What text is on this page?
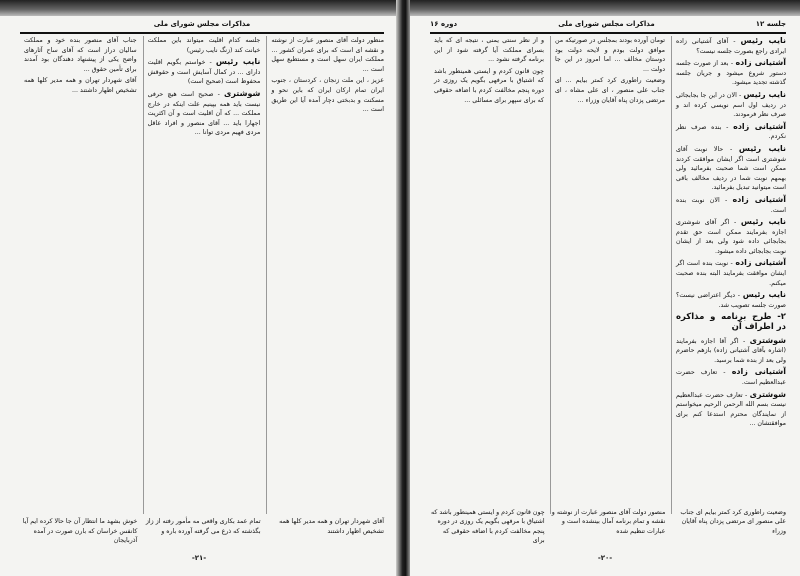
مذاکرات مجلس شورای ملی

منظور دولت آقای منصور عبارت از نوشته و نقشه ای است که برای عمران کشور ... مملکت ایران سهل است و مستطیع سهل است ...

عزیز ، این ملت زنجان ، کردستان ، جنوب ایران تمام ارکان ایران که باین نحو و مسکنت و بدبختی دچار آمده آیا این طریق است ...

جلسه کدام اقلیت میتواند باین مملکت خیانت کند (زنگ نایب رئیس)

نایب رئیس - خواستم بگویم اقلیت دارای ... در کمال آسایش است و حقوقش محفوظ است (صحیح است)

شوشتری - صحیح است هیچ حرفی نیست باید همه بپینیم علت اینکه در خارج مملکت ... که آن اقلیت است و آن اکثریت اجهارا باید ... آقای منصور و افراد عاقل مردی فهیم مردی توانا ...

جناب آقای منصور بنده خود و مملکت سالیان دراز است که آقای ساح آثارهای واضح یکی از پیشنهاد دهندگان بود آمدند برای تأمین حقوق ...

آقای شهردار تهران و همه مدیر کلها همه تشخیص اظهار داشتند ...

خوش بشهد ما انتظار آن جا حالا کرده ایم آیا کانفس خراسان که بارن صورت در آمده آذربایجان
تمام عمد بکاری واقعی مه مأمور رفته از زاز بگذشته که ذرع می گرفته آورده باره و
آقای شهردار تهران و همه مدیر کلها همه تشخیص اظهار داشتند
-۲۱-
جلسه ۱۲
مذاکرات مجلس شورای ملی
دوره ۱۶

نایب رئیس - آقای آشتیانی زاده ایرادی راجع بصورت جلسه نیست؟

آشتیانی زاده - بعد از صورت جلسه دستور شروع میشود و جریان جلسه گذشته تجدید میشود.

نایب رئیس - الان در این جا بجابجائی در ردیف اول اسم نویسی کرده اند و صرف نظر فرمودند.

آشتیانی زاده - بنده صرف نظر نکردم.

نایب رئیس - حالا نوبت آقای شوشتری است اگر ایشان موافقت کردند ممکن است شما صحبت بفرمائید ولی بهمهم نوبت شما در ردیف مخالف باقی است میتوانید تبدیل بفرمائید.

آشتیانی زاده - الان نوبت بنده است.

نایب رئیس - اگر آقای شوشتری اجازه بفرمایند ممکن است حق تقدم بجابجائی داده شود ولی بعد از ایشان نوبت بجابجائی داده میشود.

آشتیانی زاده - نوبت بنده است اگر ایشان موافقت بفرمایند البته بنده صحبت میکنم.

نایب رئیس - دیگر اعتراضی نیست؟ صورت جلسه تصویب شد.

۲- طرح برنامه و مذاکره در اطراف آن

شوشتری - اگر آقا اجازه بفرمایند (اشاره بآقای آشتیانی زاده) بازهم حاضرم ولی بعد از بنده شما برسید.

آشتیانی زاده - تعارف حضرت عبدالعظیم است.

شوشتری - تعارف حضرت عبدالعظیم نیست بسم الله الرحمن الرحیم میخواستم از نمایندگان محترم استدعا کنم برای موافقتشان ...

تومان آورده بودند بمجلس در صورتیکه من موافق دولت بودم و لایحه دولت بود دوستان مخالف ... اما امروز در این جا دولت ...

وضعیت راطوری کرد کمتر بیایم ... ای جناب علی منصور ، ای علی مشاه ، ای مرتضی پزدان پناه آقایان وزراء ...

و از نظر سنتی یمنی ، نتیجه ای که باید بسرای مملکت آیا گرفته شود از این برنامه گرفته نشود ...

چون قانون کردم و ایستی همینطور باشد که اشتیاق با مرفهی بگویم یک روزی در دوره پنجم مخالفت کردم با اضافه حقوقی که برای سپهر برای مسائلی ...

چون قانون کردم و ایستی همینطور باشد که اشتیاق با مرفهی بگویم یک روزی در دوره پنجم مخالفت کردم با اضافه حقوقی که برای
منصور دولت آقای منصور عبارت از نوشته و نقشه و تمام برنامه آمال بینشده است و عبارات تنظیم شده
وضعیت راطوری کرد کمتر بیایم ای جناب علی منصور ای مرتضی پزدان پناه آقایان وزراء
-۲۰-
